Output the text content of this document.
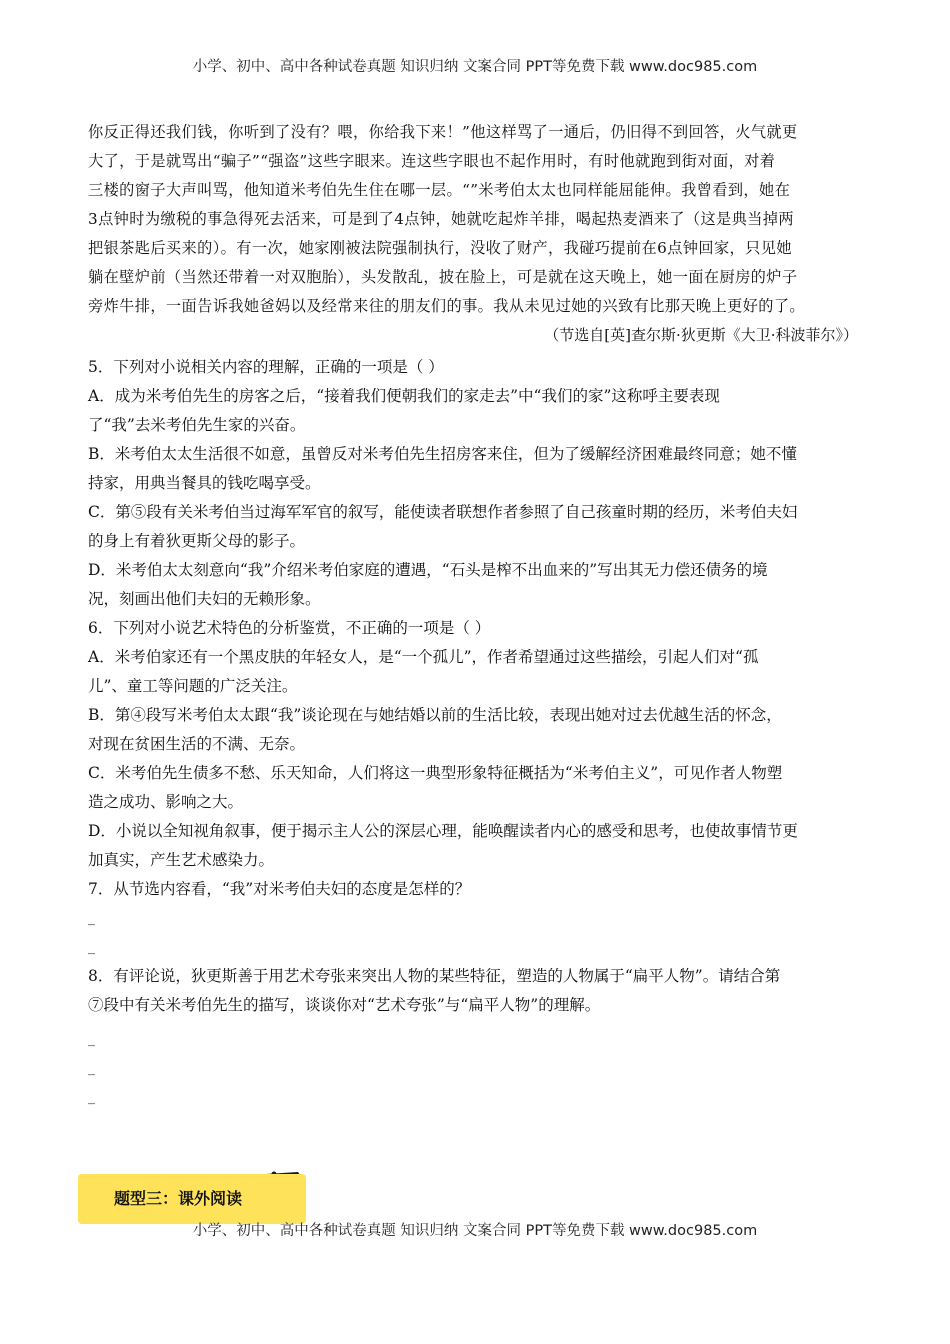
小学、初中、高中各种试卷真题 知识归纳 文案合同 PPT等免费下载 www.doc985.com
你反正得还我们钱，你听到了没有？喂，你给我下来！”他这样骂了一通后，仍旧得不到回答，火气就更
大了，于是就骂出“骗子”“强盗”这些字眼来。连这些字眼也不起作用时，有时他就跑到街对面，对着
三楼的窗子大声叫骂，他知道米考伯先生住在哪一层。“”米考伯太太也同样能屈能伸。我曾看到，她在
3点钟时为缴税的事急得死去活来，可是到了4点钟，她就吃起炸羊排，喝起热麦酒来了（这是典当掉两
把银茶匙后买来的）。有一次，她家刚被法院强制执行，没收了财产，我碰巧提前在6点钟回家，只见她
躺在壁炉前（当然还带着一对双胞胎），头发散乱，披在脸上，可是就在这天晚上，她一面在厨房的炉子
旁炸牛排，一面告诉我她爸妈以及经常来往的朋友们的事。我从未见过她的兴致有比那天晚上更好的了。
（节选自[英]查尔斯·狄更斯《大卫·科波菲尔》）
5．下列对小说相关内容的理解，正确的一项是（ ）
A．成为米考伯先生的房客之后，“接着我们便朝我们的家走去”中“我们的家”这称呼主要表现
了“我”去米考伯先生家的兴奋。
B．米考伯太太生活很不如意，虽曾反对米考伯先生招房客来住，但为了缓解经济困难最终同意；她不懂
持家，用典当餐具的钱吃喝享受。
C．第⑤段有关米考伯当过海军军官的叙写，能使读者联想作者参照了自己孩童时期的经历，米考伯夫妇
的身上有着狄更斯父母的影子。
D．米考伯太太刻意向“我”介绍米考伯家庭的遭遇，“石头是榨不出血来的”写出其无力偿还债务的境
况，刻画出他们夫妇的无赖形象。
6．下列对小说艺术特色的分析鉴赏，不正确的一项是（ ）
A．米考伯家还有一个黑皮肤的年轻女人，是“一个孤儿”，作者希望通过这些描绘，引起人们对“孤
儿”、童工等问题的广泛关注。
B．第④段写米考伯太太跟“我”谈论现在与她结婚以前的生活比较，表现出她对过去优越生活的怀念，
对现在贫困生活的不满、无奈。
C．米考伯先生债多不愁、乐天知命，人们将这一典型形象特征概括为“米考伯主义”，可见作者人物塑
造之成功、影响之大。
D．小说以全知视角叙事，便于揭示主人公的深层心理，能唤醒读者内心的感受和思考，也使故事情节更
加真实，产生艺术感染力。
7．从节选内容看，“我”对米考伯夫妇的态度是怎样的？
_
_
8．有评论说，狄更斯善于用艺术夸张来突出人物的某些特征，塑造的人物属于“扁平人物”。请结合第
⑦段中有关米考伯先生的描写，谈谈你对“艺术夸张”与“扁平人物”的理解。
_
_
_
题型三：课外阅读
小学、初中、高中各种试卷真题 知识归纳 文案合同 PPT等免费下载 www.doc985.com
